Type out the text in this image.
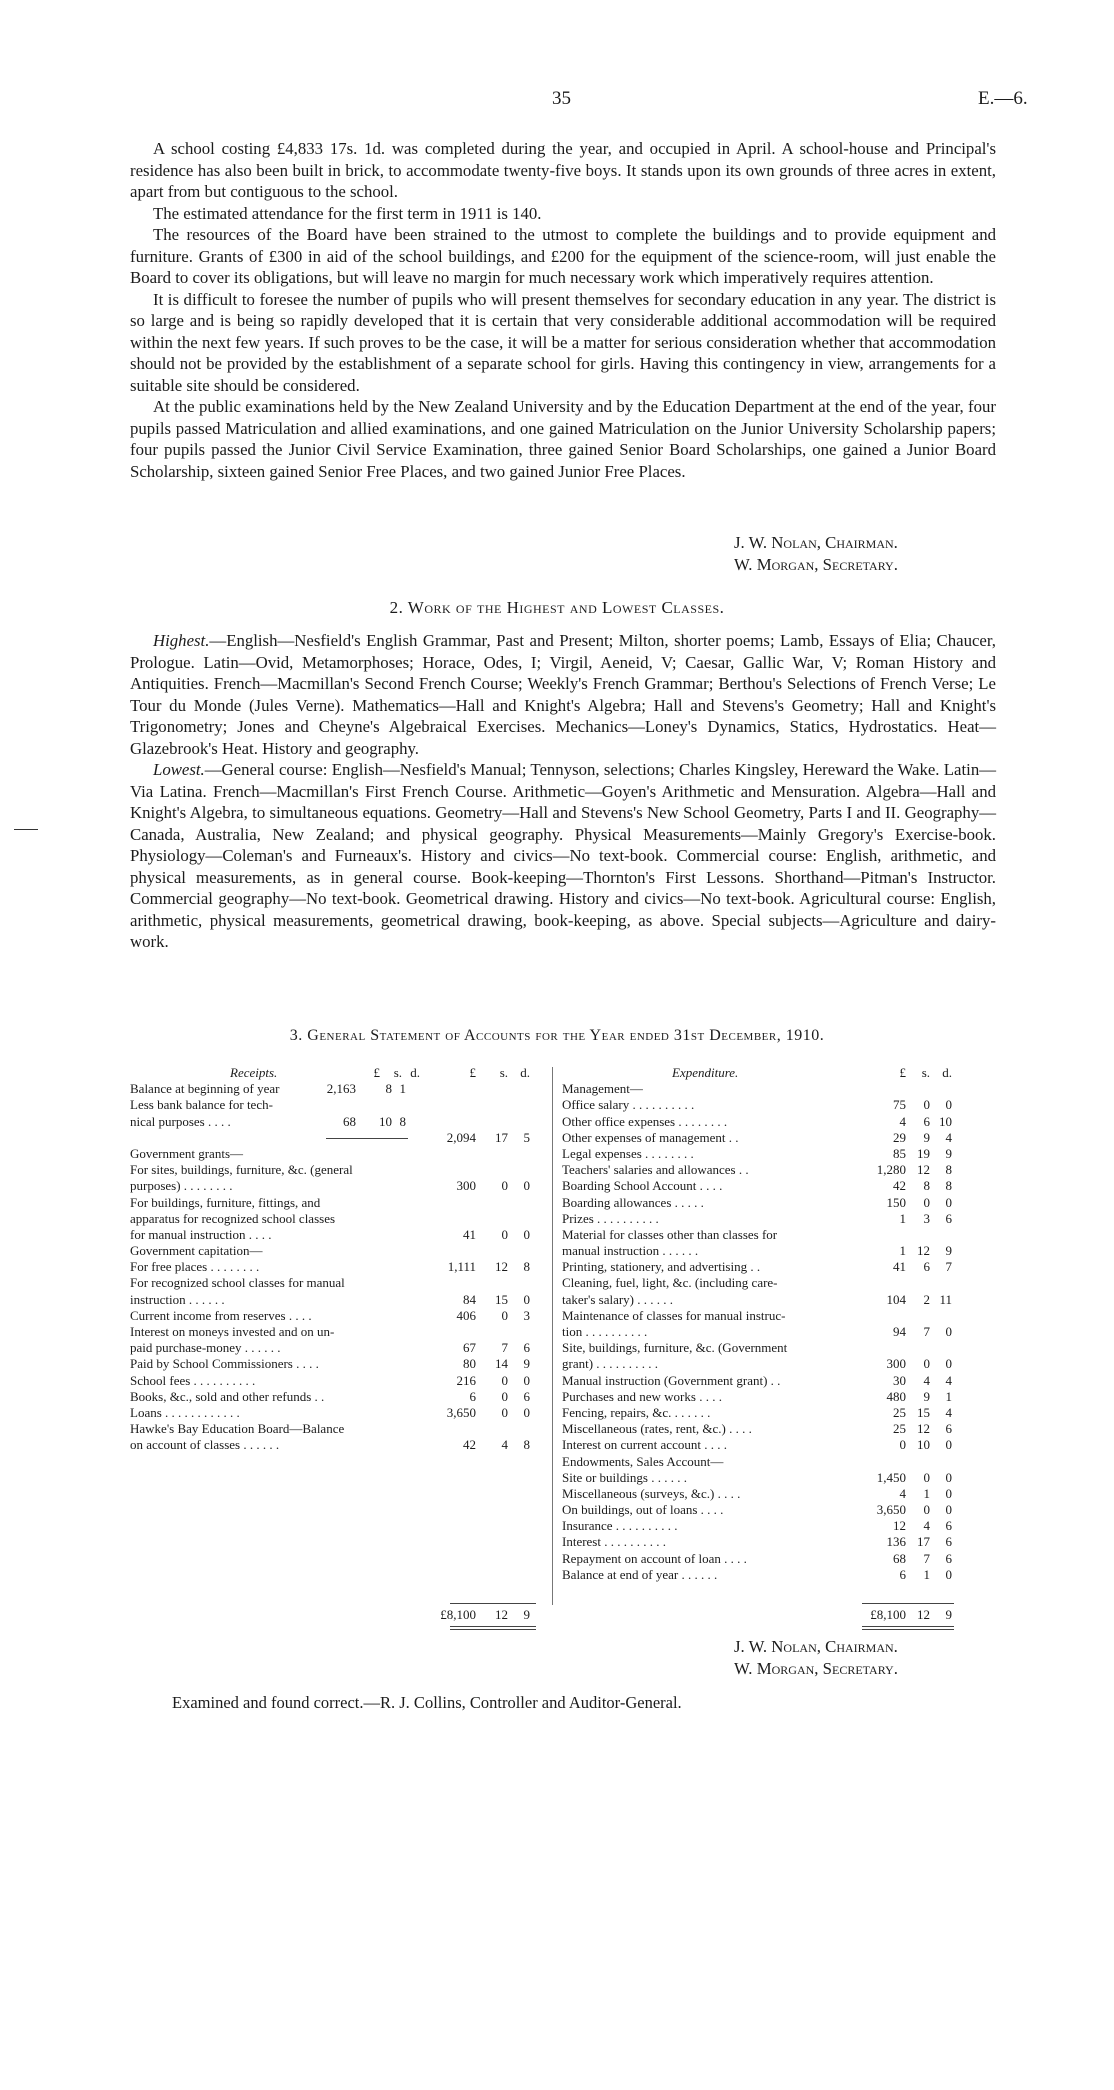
35	E.—6.

A school costing £4,833 17s. 1d. was completed during the year, and occupied in April. A school-house and Principal's residence has also been built in brick, to accommodate twenty-five boys. It stands upon its own grounds of three acres in extent, apart from but contiguous to the school.

The estimated attendance for the first term in 1911 is 140.

The resources of the Board have been strained to the utmost to complete the buildings and to provide equipment and furniture. Grants of £300 in aid of the school buildings, and £200 for the equipment of the science-room, will just enable the Board to cover its obligations, but will leave no margin for much necessary work which imperatively requires attention.

It is difficult to foresee the number of pupils who will present themselves for secondary education in any year. The district is so large and is being so rapidly developed that it is certain that very considerable additional accommodation will be required within the next few years. If such proves to be the case, it will be a matter for serious consideration whether that accommodation should not be provided by the establishment of a separate school for girls. Having this contingency in view, arrangements for a suitable site should be considered.

At the public examinations held by the New Zealand University and by the Education Department at the end of the year, four pupils passed Matriculation and allied examinations, and one gained Matriculation on the Junior University Scholarship papers; four pupils passed the Junior Civil Service Examination, three gained Senior Board Scholarships, one gained a Junior Board Scholarship, sixteen gained Senior Free Places, and two gained Junior Free Places.

J. W. Nolan, Chairman.
W. Morgan, Secretary.
2. Work of the Highest and Lowest Classes.

Highest.—English—Nesfield's English Grammar, Past and Present; Milton, shorter poems; Lamb, Essays of Elia; Chaucer, Prologue. Latin—Ovid, Metamorphoses; Horace, Odes, I; Virgil, Aeneid, V; Caesar, Gallic War, V; Roman History and Antiquities. French—Macmillan's Second French Course; Weekly's French Grammar; Berthou's Selections of French Verse; Le Tour du Monde (Jules Verne). Mathematics—Hall and Knight's Algebra; Hall and Stevens's Geometry; Hall and Knight's Trigonometry; Jones and Cheyne's Algebraical Exercises. Mechanics—Loney's Dynamics, Statics, Hydrostatics. Heat—Glazebrook's Heat. History and geography.

Lowest.—General course: English—Nesfield's Manual; Tennyson, selections; Charles Kingsley, Hereward the Wake. Latin—Via Latina. French—Macmillan's First French Course. Arithmetic—Goyen's Arithmetic and Mensuration. Algebra—Hall and Knight's Algebra, to simultaneous equations. Geometry—Hall and Stevens's New School Geometry, Parts I and II. Geography—Canada, Australia, New Zealand; and physical geography. Physical Measurements—Mainly Gregory's Exercise-book. Physiology—Coleman's and Furneaux's. History and civics—No text-book. Commercial course: English, arithmetic, and physical measurements, as in general course. Book-keeping—Thornton's First Lessons. Shorthand—Pitman's Instructor. Commercial geography—No text-book. Geometrical drawing. History and civics—No text-book. Agricultural course: English, arithmetic, physical measurements, geometrical drawing, book-keeping, as above. Special subjects—Agriculture and dairy-work.

3. General Statement of Accounts for the Year ended 31st December, 1910.
Receipts.	£	s. d.	£	s. d.
Balance at beginning of year	2,163	8 1
Less bank balance for tech-
nical purposes . . . .	68	10 8
2,094	17	5
Government grants—
For sites, buildings, furniture, &c. (general
purposes) . . . . . . . .	300	0	0
For buildings, furniture, fittings, and
apparatus for recognized school classes
for manual instruction . . . .	41	0	0
Government capitation—
For free places . . . . . . . .	1,111	12	8
For recognized school classes for manual
instruction . . . . . .	84	15	0
Current income from reserves . . . .	406	0	3
Interest on moneys invested and on un-
paid purchase-money . . . . . .	67	7	6
Paid by School Commissioners . . . .	80	14	9
School fees . . . . . . . . . .	216	0	0
Books, &c., sold and other refunds . .	6	0	6
Loans . . . . . . . . . . . .	3,650	0	0
Hawke's Bay Education Board—Balance
on account of classes . . . . . .	42	4	8
Expenditure.	£	s. d.
Management—
Office salary . . . . . . . . . .	75	0	0
Other office expenses . . . . . . . .	4	6 10
Other expenses of management . .	29	9	4
Legal expenses . . . . . . . .	85 19	9
Teachers' salaries and allowances . .	1,280 12	8
Boarding School Account . . . .	42	8	8
Boarding allowances . . . . .	150	0	0
Prizes . . . . . . . . . .	1	3	6
Material for classes other than classes for
manual instruction . . . . . .	1 12	9
Printing, stationery, and advertising . .	41	6	7
Cleaning, fuel, light, &c. (including care-
taker's salary) . . . . . .	104	2 11
Maintenance of classes for manual instruc-
tion . . . . . . . . . .	94	7	0
Site, buildings, furniture, &c. (Government
grant) . . . . . . . . . .	300	0	0
Manual instruction (Government grant) . .	30	4	4
Purchases and new works . . . .	480	9	1
Fencing, repairs, &c. . . . . . .	25 15	4
Miscellaneous (rates, rent, &c.) . . . .	25 12	6
Interest on current account . . . .	0 10	0
Endowments, Sales Account—
Site or buildings . . . . . .	1,450	0	0
Miscellaneous (surveys, &c.) . . . .	4	1	0
On buildings, out of loans . . . .	3,650	0	0
Insurance . . . . . . . . . .	12	4	6
Interest . . . . . . . . . .	136 17	6
Repayment on account of loan . . . .	68	7	6
Balance at end of year . . . . . .	6	1	0
£8,100	12	9	£8,100 12	9
J. W. Nolan, Chairman.
W. Morgan, Secretary.
Examined and found correct.—R. J. Collins, Controller and Auditor-General.
